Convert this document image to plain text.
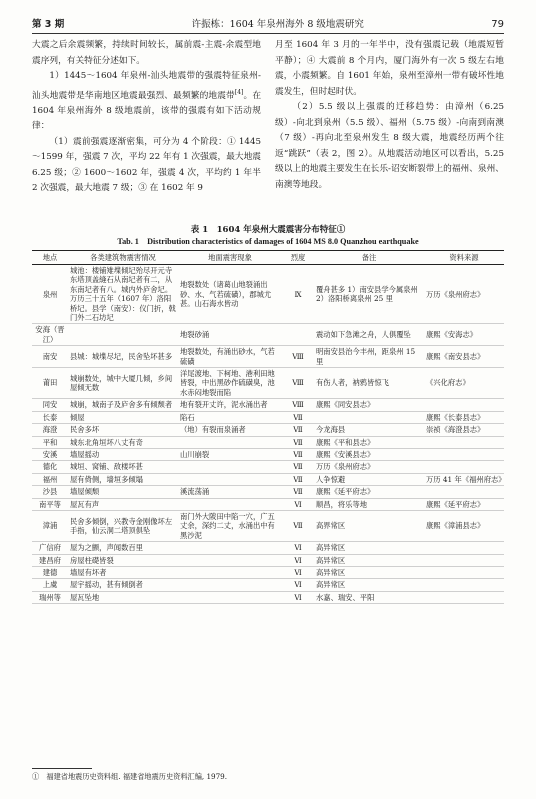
第 3 期	许振栋：1604 年泉州海外 8 级地震研究	79

大震之后余震频繁，持续时间较长，属前震-主震-余震型地震序列，有关特征分述如下。

1）1445～1604 年泉州-汕头地震带的强震特征泉州-汕头地震带是华南地区地震最强烈、最频繁的地震带[4]。在 1604 年泉州海外 8 级地震前，该带的强震有如下活动规律：

（1）震前强震逐渐密集，可分为 4 个阶段：① 1445～1599 年，强震 7 次，平均 22 年有 1 次强震，最大地震 6.25 级；② 1600～1602 年，强震 4 次，平均约 1 年半 2 次强震，最大地震 7 级；③ 在 1602 年 9

月至 1604 年 3 月的一年半中，没有强震记载（地震短暂平静）；④ 大震前 8 个月内，厦门海外有一次 5 级左右地震，小震频繁。自 1601 年始，泉州至漳州一带有破坏性地震发生，但时起时伏。

（2）5.5 级以上强震的迁移趋势：由漳州（6.25 级）-向北到泉州（5.5 级）、福州（5.75 级）-向南到南澳（7 级）-再向北至泉州发生 8 级大震，地震经历两个往返“跳跃”（表 2，图 2）。从地震活动地区可以看出，5.25 级以上的地震主要发生在长乐-诏安断裂带上的福州、泉州、南澳等地段。

表 1　1604 年泉州大震震害分布特征①
Tab. 1　Distribution characteristics of damages of 1604 MS 8.0 Quanzhou earthquake
地点	各类建筑物震害情况	地面震害现象	烈度	备注	资料来源
泉州	城池：楼铺雉堞倾圮殆尽开元寺东塔顶盖縫石从南圮者有二，从东南圮者有八。城内外庐舍圮。万历三十五年（1607 年）洛阳桥圮。县学（南安）：仪门折，戟门外二石坊圮	地裂数处（诸葛山地裂涌出砂、水、气若硫磺），郡城尤甚。山石海水皆动	Ⅸ	覆舟甚多 1）南安县学今属泉州 2）洛阳桥离泉州 25 里	万历《泉州府志》
安海（晋江）		地裂砂涌		震动如下急滩之舟，人俱覆坠	康熙《安海志》
南安	县城：城堞尽圮，民舍坠坏甚多	地裂数处，有涌出砂水，气若硫磺	Ⅷ	明南安县治今丰州，距泉州 15 里	康熙《南安县志》
莆田	城崩数处，城中大厦几倾，乡间屋倾无数	洋尾渡地、下柯地、港利田地皆裂，中出黑砂作硫磺臭，池水赤闷地裂而陷	Ⅷ	有伤人者，衲鸦皆惊飞	《兴化府志》
同安	城崩，城南子及庐舍多有倾颓者	地有裂开丈许，泥水涌出者	Ⅷ	康熙《同安县志》	
长泰	倾屋	陷石	Ⅶ		康熙《长泰县志》
海澄	民舍多坏	（地）有裂而泉涌者	Ⅶ	今龙海县	崇祯《海澄县志》
平和	城东北角垣坏八丈有奇		Ⅶ	康熙《平和县志》	
安溪	墙屋摇动	山川崩裂	Ⅶ	康熙《安溪县志》	
德化	城垣、窝铺、敌楼坏甚		Ⅶ	万历《泉州府志》	
福州	屋有倚侧，墙垣多倾塌		Ⅶ	人争惊避	万历 41 年《福州府志》
沙县	墙屋倾颓	溪流荡涌	Ⅶ	康熙《延平府志》	
南平等	屋瓦有声		Ⅵ	顺昌，将乐等地	康熙《延平府志》
漳浦	民舍多倾倒，兴教寺金刚像坏左手指，仙云洞二塔顶俱坠	南门外大陂田中陷一穴，广五丈余，深约二丈，水涌出中有黑沙泥	Ⅶ	高界常区	康熙《漳浦县志》
广信府	屋为之颤，声闻数百里		Ⅵ	高异常区	
建昌府	房屋柱礎皆裂		Ⅵ	高异常区	
建德	墙屋有坏者		Ⅵ	高异常区	
上虞	屋宇摇动，甚有倾倒者		Ⅵ	高异常区	
瑞州等	屋瓦坠地		Ⅵ	水嘉、瑞安、平阳	
①　福建省地震历史资料组. 福建省地震历史资料汇编, 1979.
